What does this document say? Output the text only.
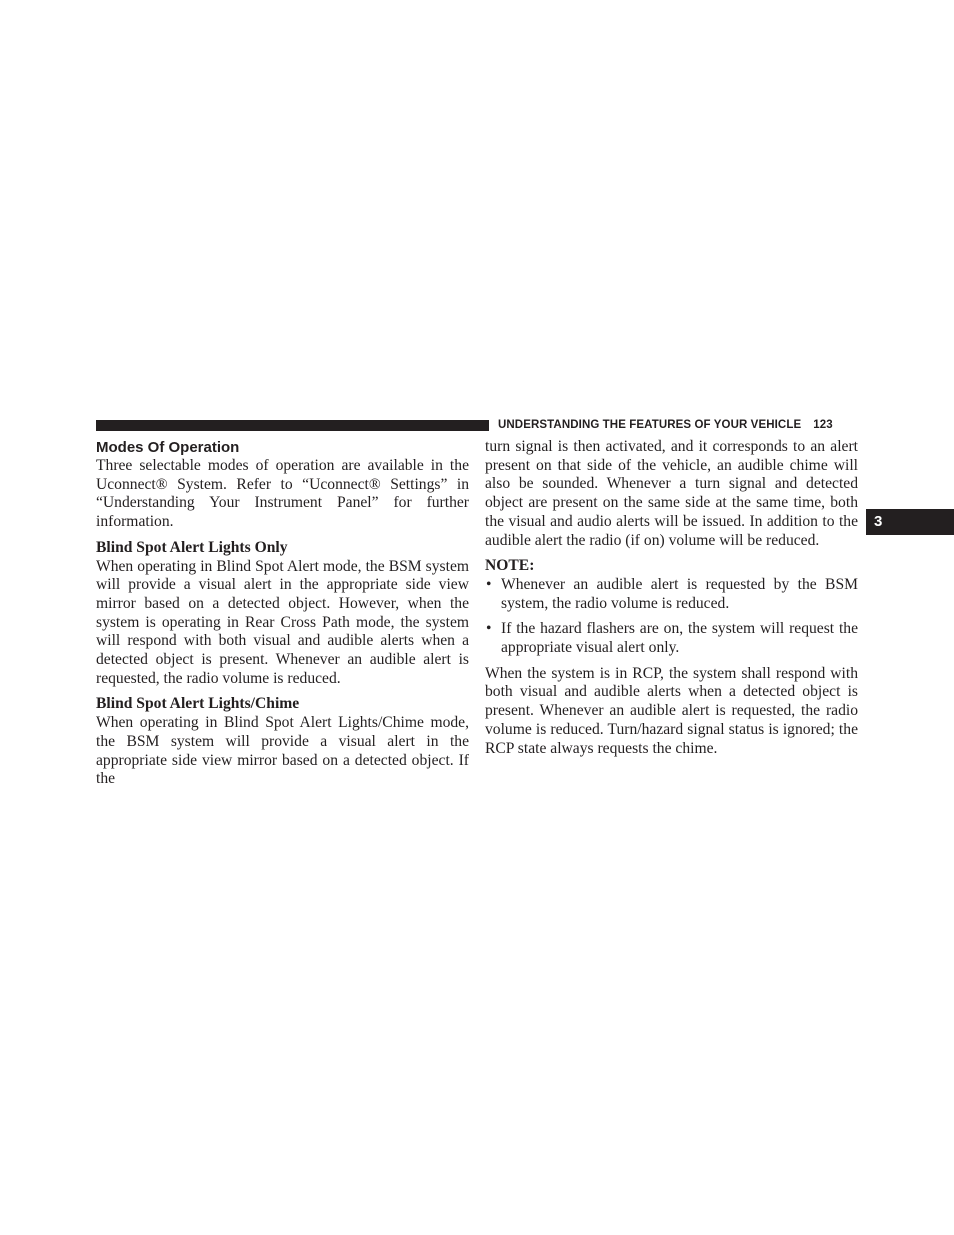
UNDERSTANDING THE FEATURES OF YOUR VEHICLE 123
3

Modes Of Operation

Three selectable modes of operation are available in the Uconnect® System. Refer to “Uconnect® Settings” in “Understanding Your Instrument Panel” for further information.

Blind Spot Alert Lights Only

When operating in Blind Spot Alert mode, the BSM system will provide a visual alert in the appropriate side view mirror based on a detected object. However, when the system is operating in Rear Cross Path mode, the system will respond with both visual and audible alerts when a detected object is present. Whenever an audible alert is requested, the radio volume is reduced.

Blind Spot Alert Lights/Chime

When operating in Blind Spot Alert Lights/Chime mode, the BSM system will provide a visual alert in the appropriate side view mirror based on a detected object. If the

turn signal is then activated, and it corresponds to an alert present on that side of the vehicle, an audible chime will also be sounded. Whenever a turn signal and detected object are present on the same side at the same time, both the visual and audio alerts will be issued. In addition to the audible alert the radio (if on) volume will be reduced.

NOTE:

• Whenever an audible alert is requested by the BSM system, the radio volume is reduced.
• If the hazard flashers are on, the system will request the appropriate visual alert only.

When the system is in RCP, the system shall respond with both visual and audible alerts when a detected object is present. Whenever an audible alert is requested, the radio volume is reduced. Turn/hazard signal status is ignored; the RCP state always requests the chime.
